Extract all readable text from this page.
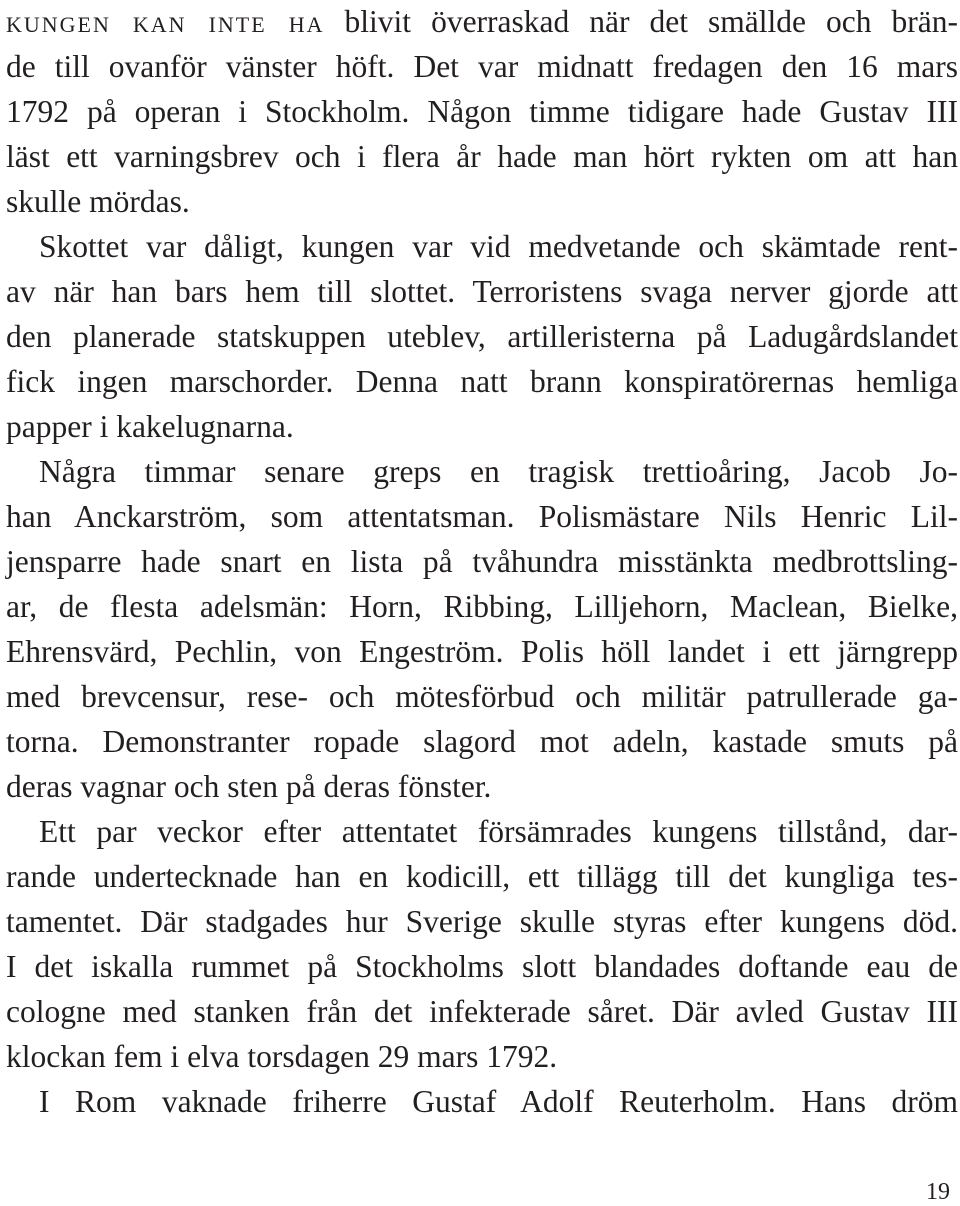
kungen kan inte ha blivit överraskad när det smällde och brän-
de till ovanför vänster höft. Det var midnatt fredagen den 16 mars
1792 på operan i Stockholm. Någon timme tidigare hade Gustav III
läst ett varningsbrev och i flera år hade man hört rykten om att han
skulle mördas.
Skottet var dåligt, kungen var vid medvetande och skämtade rent-
av när han bars hem till slottet. Terroristens svaga nerver gjorde att
den planerade statskuppen uteblev, artilleristerna på Ladugårdslandet
fick ingen marschorder. Denna natt brann konspiratörernas hemliga
papper i kakelugnarna.
Några timmar senare greps en tragisk trettioåring, Jacob Jo-
han Anckarström, som attentatsman. Polismästare Nils Henric Lil-
jensparre hade snart en lista på tvåhundra misstänkta medbrottsling-
ar, de flesta adelsmän: Horn, Ribbing, Lilljehorn, Maclean, Bielke,
Ehrensvärd, Pechlin, von Engeström. Polis höll landet i ett järngrepp
med brevcensur, rese- och mötesförbud och militär patrullerade ga-
torna. Demonstranter ropade slagord mot adeln, kastade smuts på
deras vagnar och sten på deras fönster.
Ett par veckor efter attentatet försämrades kungens tillstånd, dar-
rande undertecknade han en kodicill, ett tillägg till det kungliga tes-
tamentet. Där stadgades hur Sverige skulle styras efter kungens död.
I det iskalla rummet på Stockholms slott blandades doftande eau de
cologne med stanken från det infekterade såret. Där avled Gustav III
klockan fem i elva torsdagen 29 mars 1792.
I Rom vaknade friherre Gustaf Adolf Reuterholm. Hans dröm
19
